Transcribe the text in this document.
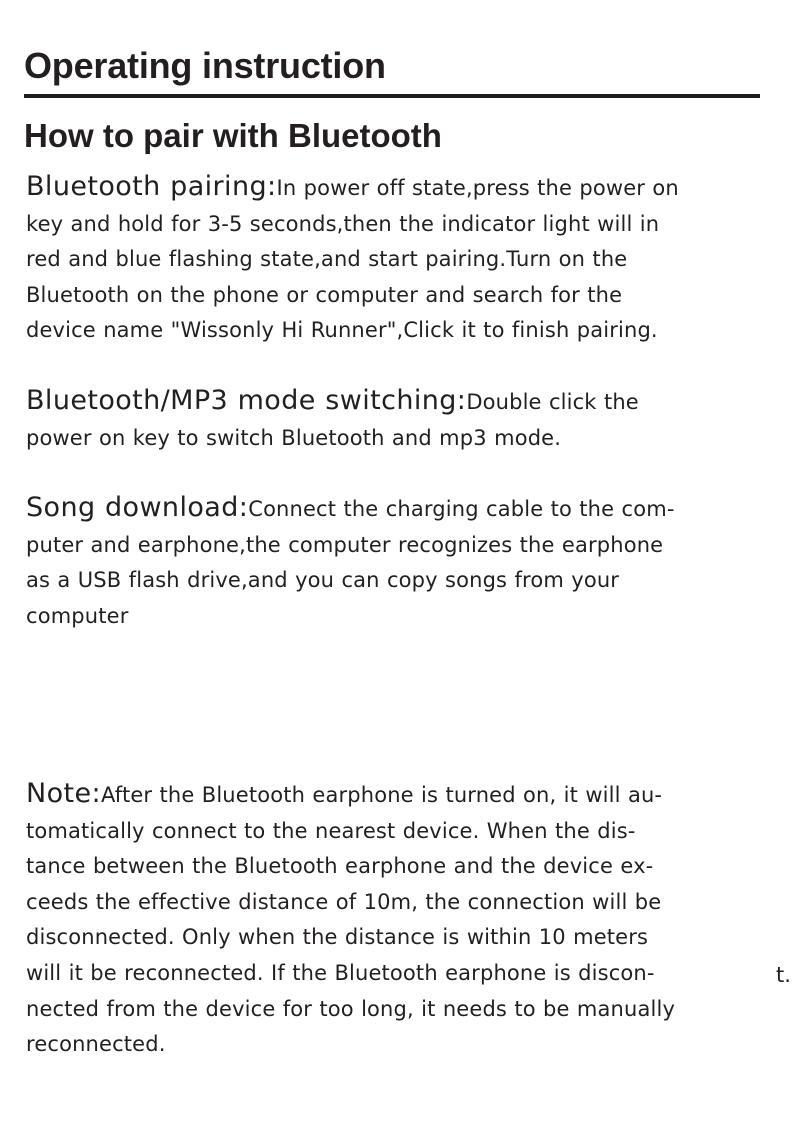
Operating instruction
How to pair with Bluetooth

Bluetooth pairing:In power off state,press the power on
key and hold for 3-5 seconds,then the indicator light will in
red and blue flashing state,and start pairing.Turn on the
Bluetooth on the phone or computer and search for the
device name "Wissonly Hi Runner",Click it to finish pairing.

Bluetooth/MP3 mode switching:Double click the
power on key to switch Bluetooth and mp3 mode.

Song download:Connect the charging cable to the com-
puter and earphone,the computer recognizes the earphone
as a USB flash drive,and you can copy songs from your
computer

Note:After the Bluetooth earphone is turned on, it will au-
tomatically connect to the nearest device. When the dis-
tance between the Bluetooth earphone and the device ex-
ceeds the effective distance of 10m, the connection will be
disconnected. Only when the distance is within 10 meters
will it be reconnected. If the Bluetooth earphone is discon-
nected from the device for too long, it needs to be manually
reconnected.

t.
